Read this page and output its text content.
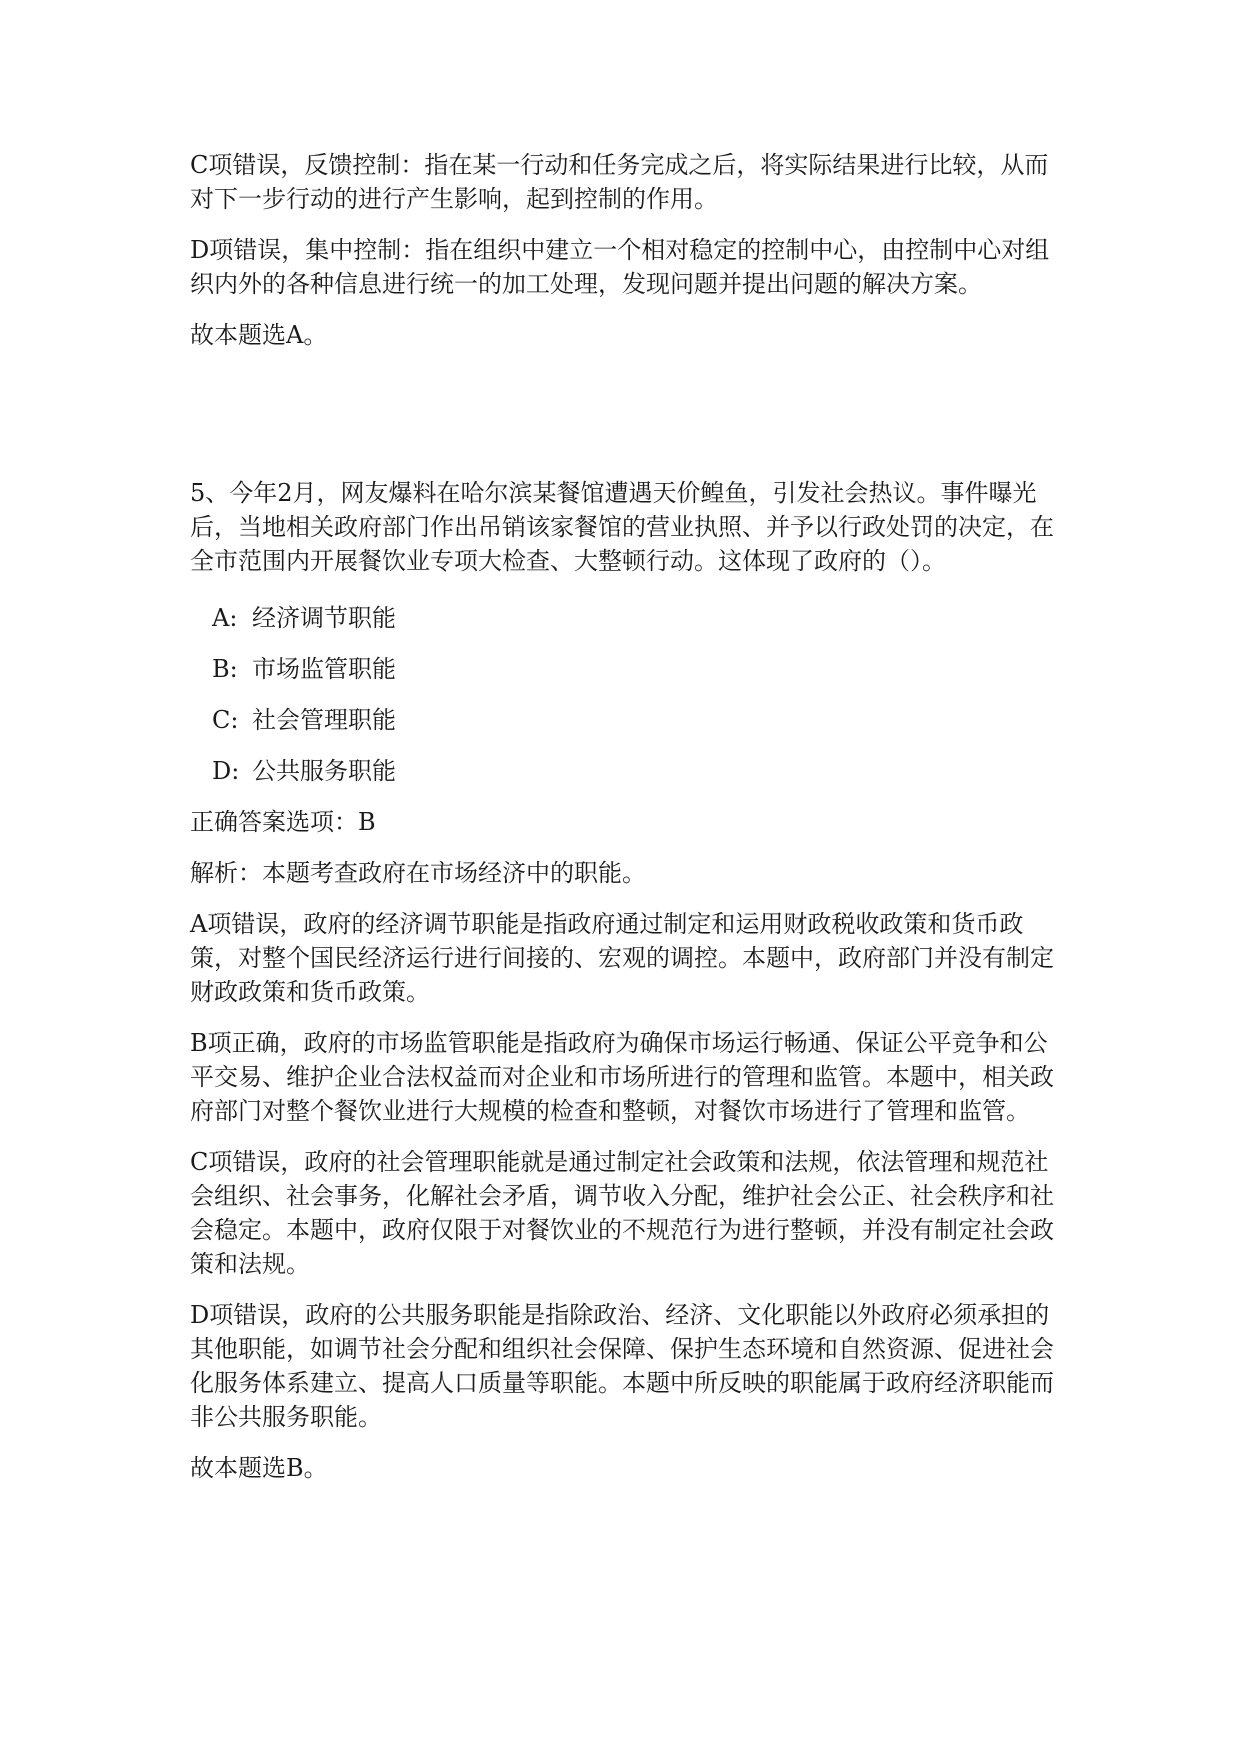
C项错误，反馈控制：指在某一行动和任务完成之后，将实际结果进行比较，从而对下一步行动的进行产生影响，起到控制的作用。

D项错误，集中控制：指在组织中建立一个相对稳定的控制中心，由控制中心对组织内外的各种信息进行统一的加工处理，发现问题并提出问题的解决方案。

故本题选A。

5、今年2月，网友爆料在哈尔滨某餐馆遭遇天价鳇鱼，引发社会热议。事件曝光后，当地相关政府部门作出吊销该家餐馆的营业执照、并予以行政处罚的决定，在全市范围内开展餐饮业专项大检查、大整顿行动。这体现了政府的（）。

A: 经济调节职能
B: 市场监管职能
C: 社会管理职能
D: 公共服务职能

正确答案选项：B

解析：本题考查政府在市场经济中的职能。

A项错误，政府的经济调节职能是指政府通过制定和运用财政税收政策和货币政策，对整个国民经济运行进行间接的、宏观的调控。本题中，政府部门并没有制定财政政策和货币政策。

B项正确，政府的市场监管职能是指政府为确保市场运行畅通、保证公平竞争和公平交易、维护企业合法权益而对企业和市场所进行的管理和监管。本题中，相关政府部门对整个餐饮业进行大规模的检查和整顿，对餐饮市场进行了管理和监管。

C项错误，政府的社会管理职能就是通过制定社会政策和法规，依法管理和规范社会组织、社会事务，化解社会矛盾，调节收入分配，维护社会公正、社会秩序和社会稳定。本题中，政府仅限于对餐饮业的不规范行为进行整顿，并没有制定社会政策和法规。

D项错误，政府的公共服务职能是指除政治、经济、文化职能以外政府必须承担的其他职能，如调节社会分配和组织社会保障、保护生态环境和自然资源、促进社会化服务体系建立、提高人口质量等职能。本题中所反映的职能属于政府经济职能而非公共服务职能。

故本题选B。
